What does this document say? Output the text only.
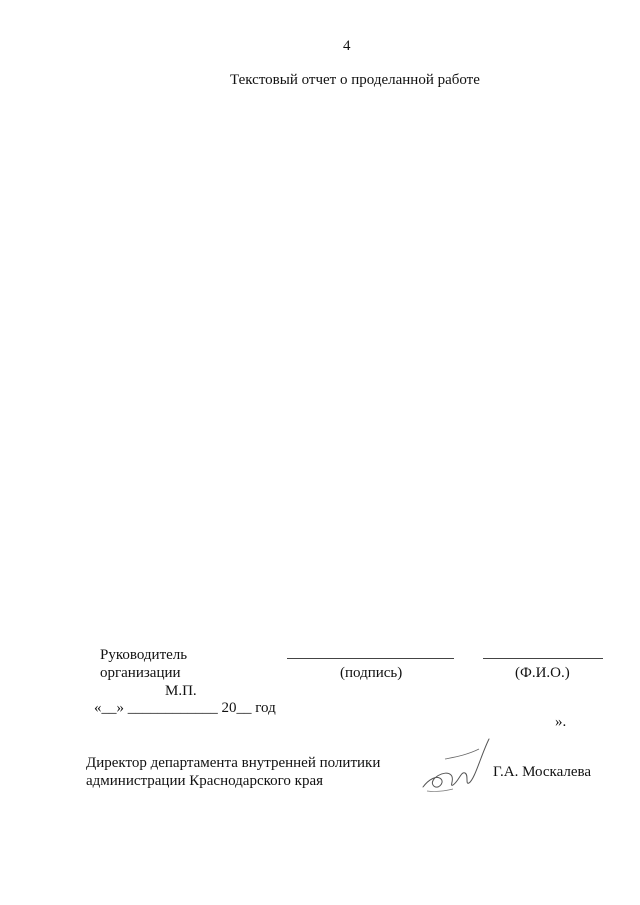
4
Текстовый отчет о проделанной работе
Руководитель
организации	(подпись)	(Ф.И.О.)
М.П.
«__» ____________ 20__ год
».
Директор департамента внутренней политики
администрации Краснодарского края
Г.А. Москалева
